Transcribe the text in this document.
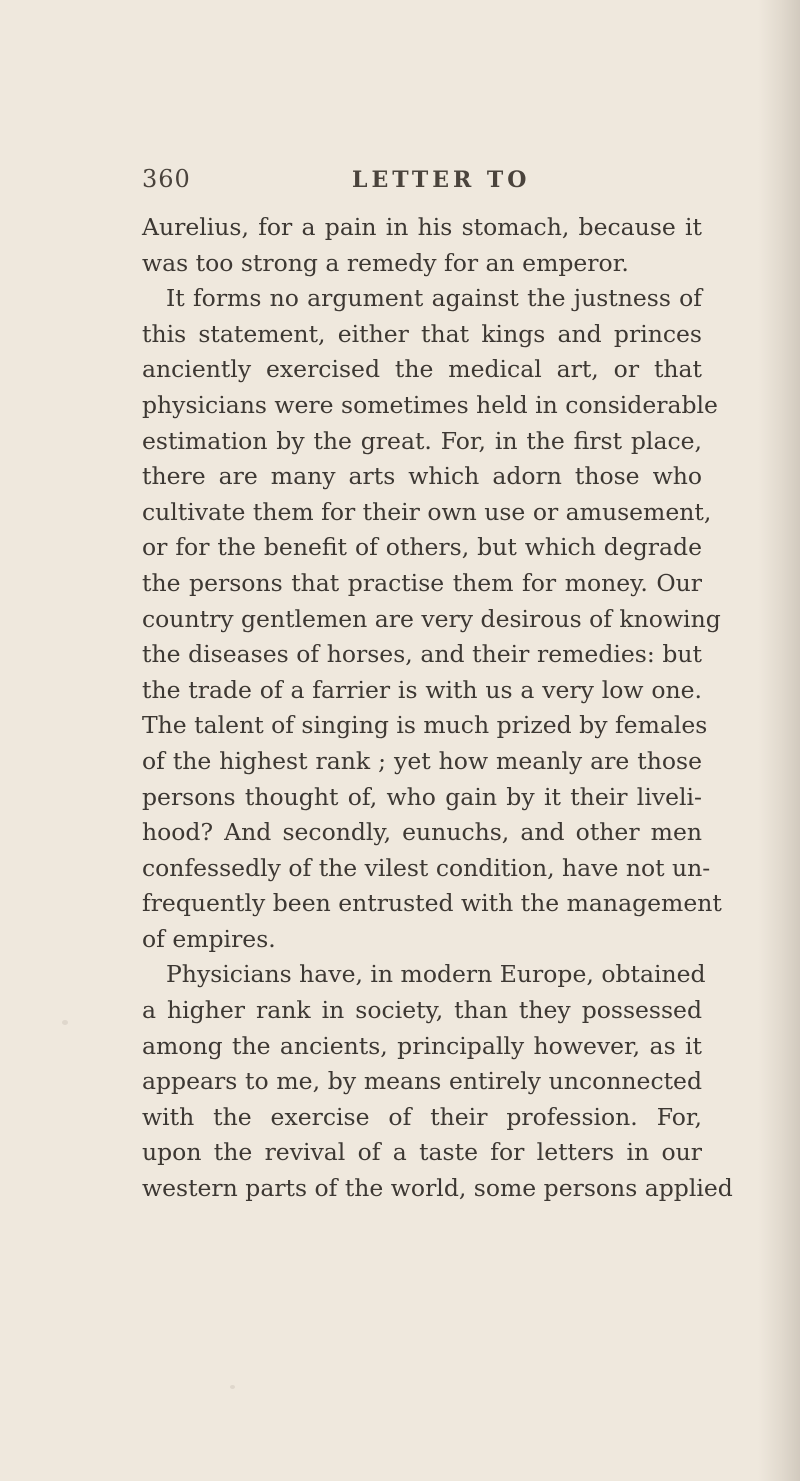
360	LETTER TO
Aurelius, for a pain in his stomach, because it
was too strong a remedy for an emperor.
It forms no argument against the justness of
this statement, either that kings and princes
anciently exercised the medical art, or that
physicians were sometimes held in considerable
estimation by the great. For, in the first place,
there are many arts which adorn those who
cultivate them for their own use or amusement,
or for the benefit of others, but which degrade
the persons that practise them for money. Our
country gentlemen are very desirous of knowing
the diseases of horses, and their remedies: but
the trade of a farrier is with us a very low one.
The talent of singing is much prized by females
of the highest rank ; yet how meanly are those
persons thought of, who gain by it their liveli-
hood? And secondly, eunuchs, and other men
confessedly of the vilest condition, have not un-
frequently been entrusted with the management
of empires.
Physicians have, in modern Europe, obtained
a higher rank in society, than they possessed
among the ancients, principally however, as it
appears to me, by means entirely unconnected
with the exercise of their profession. For,
upon the revival of a taste for letters in our
western parts of the world, some persons applied
